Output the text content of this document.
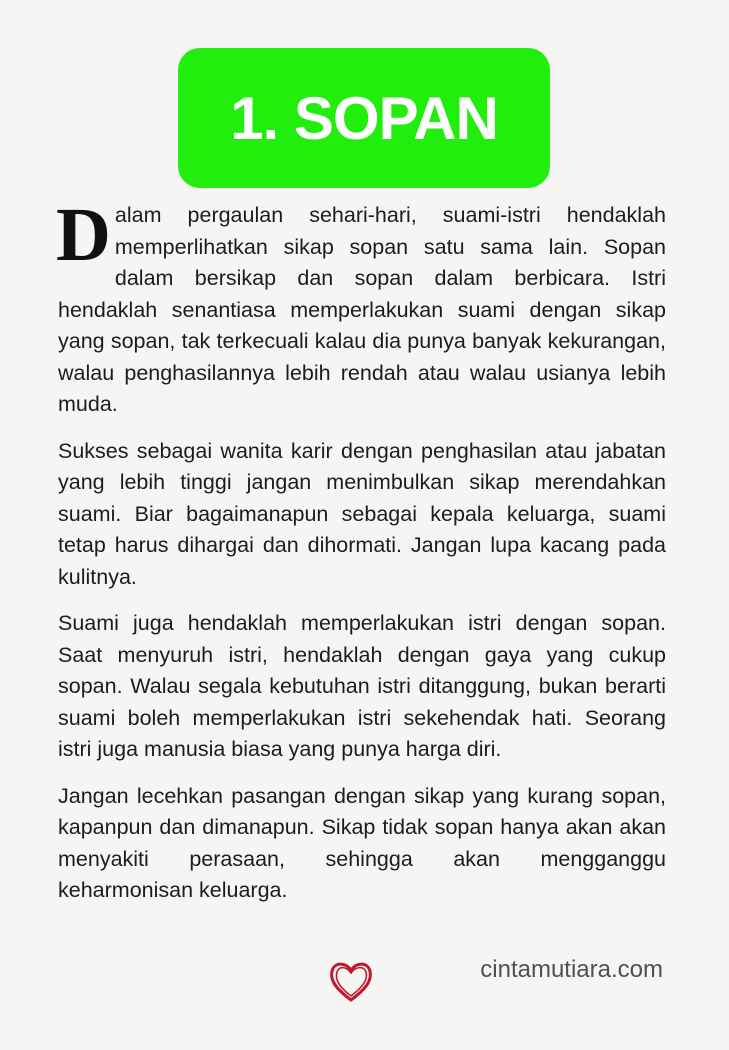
1. SOPAN

D alam pergaulan sehari-hari, suami-istri hendaklah memperlihatkan sikap sopan satu sama lain. Sopan dalam bersikap dan sopan dalam berbicara. Istri hendaklah senantiasa memperlakukan suami dengan sikap yang sopan, tak terkecuali kalau dia punya banyak kekurangan, walau penghasilannya lebih rendah atau walau usianya lebih muda.

Sukses sebagai wanita karir dengan penghasilan atau jabatan yang lebih tinggi jangan menimbulkan sikap merendahkan suami. Biar bagaimanapun sebagai kepala keluarga, suami tetap harus dihargai dan dihormati. Jangan lupa kacang pada kulitnya.

Suami juga hendaklah memperlakukan istri dengan sopan. Saat menyuruh istri, hendaklah dengan gaya yang cukup sopan. Walau segala kebutuhan istri ditanggung, bukan berarti suami boleh memperlakukan istri sekehendak hati. Seorang istri juga manusia biasa yang punya harga diri.

Jangan lecehkan pasangan dengan sikap yang kurang sopan, kapanpun dan dimanapun. Sikap tidak sopan hanya akan akan menyakiti perasaan, sehingga akan mengganggu keharmonisan keluarga.

cintamutiara.com
